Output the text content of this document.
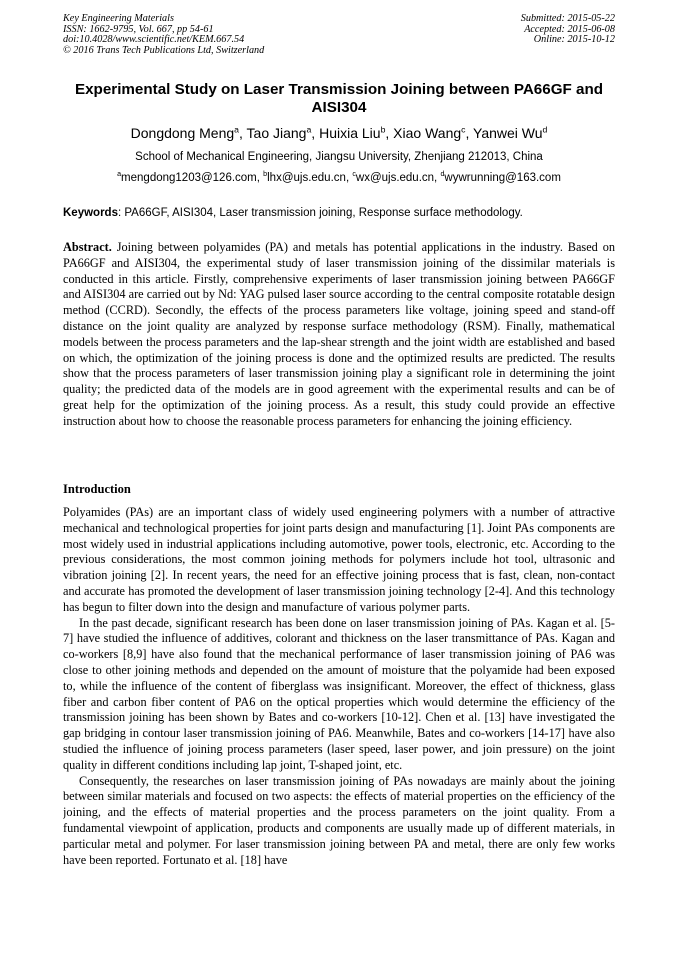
Key Engineering Materials
ISSN: 1662-9795, Vol. 667, pp 54-61
doi:10.4028/www.scientific.net/KEM.667.54
© 2016 Trans Tech Publications Ltd, Switzerland
Submitted: 2015-05-22
Accepted: 2015-06-08
Online: 2015-10-12
Experimental Study on Laser Transmission Joining between PA66GF and AISI304
Dongdong Meng$^a$, Tao Jiang$^a$, Huixia Liu$^b$, Xiao Wang$^c$, Yanwei Wu$^d$
School of Mechanical Engineering, Jiangsu University, Zhenjiang 212013, China
$^a$mengdong1203@126.com, $^b$lhx@ujs.edu.cn, $^c$wx@ujs.edu.cn, $^d$wywrunning@163.com
Keywords: PA66GF, AISI304, Laser transmission joining, Response surface methodology.
Abstract. Joining between polyamides (PA) and metals has potential applications in the industry. Based on PA66GF and AISI304, the experimental study of laser transmission joining of the dissimilar materials is conducted in this article. Firstly, comprehensive experiments of laser transmission joining between PA66GF and AISI304 are carried out by Nd: YAG pulsed laser source according to the central composite rotatable design method (CCRD). Secondly, the effects of the process parameters like voltage, joining speed and stand-off distance on the joint quality are analyzed by response surface methodology (RSM). Finally, mathematical models between the process parameters and the lap-shear strength and the joint width are established and based on which, the optimization of the joining process is done and the optimized results are predicted. The results show that the process parameters of laser transmission joining play a significant role in determining the joint quality; the predicted data of the models are in good agreement with the experimental results and can be of great help for the optimization of the joining process. As a result, this study could provide an effective instruction about how to choose the reasonable process parameters for enhancing the joining efficiency.
Introduction

Polyamides (PAs) are an important class of widely used engineering polymers with a number of attractive mechanical and technological properties for joint parts design and manufacturing [1]. Joint PAs components are most widely used in industrial applications including automotive, power tools, electronic, etc. According to the previous considerations, the most common joining methods for polymers include hot tool, ultrasonic and vibration joining [2]. In recent years, the need for an effective joining process that is fast, clean, non-contact and accurate has promoted the development of laser transmission joining technology [2-4]. And this technology has begun to filter down into the design and manufacture of various polymer parts.

In the past decade, significant research has been done on laser transmission joining of PAs. Kagan et al. [5-7] have studied the influence of additives, colorant and thickness on the laser transmittance of PAs. Kagan and co-workers [8,9] have also found that the mechanical performance of laser transmission joining of PA6 was close to other joining methods and depended on the amount of moisture that the polyamide had been exposed to, while the influence of the content of fiberglass was insignificant. Moreover, the effect of thickness, glass fiber and carbon fiber content of PA6 on the optical properties which would determine the efficiency of the transmission joining has been shown by Bates and co-workers [10-12]. Chen et al. [13] have investigated the gap bridging in contour laser transmission joining of PA6. Meanwhile, Bates and co-workers [14-17] have also studied the influence of joining process parameters (laser speed, laser power, and join pressure) on the joint quality in different conditions including lap joint, T-shaped joint, etc.

Consequently, the researches on laser transmission joining of PAs nowadays are mainly about the joining between similar materials and focused on two aspects: the effects of material properties on the efficiency of the joining, and the effects of material properties and the process parameters on the joint quality. From a fundamental viewpoint of application, products and components are usually made up of different materials, in particular metal and polymer. For laser transmission joining between PA and metal, there are only few works have been reported. Fortunato et al. [18] have
